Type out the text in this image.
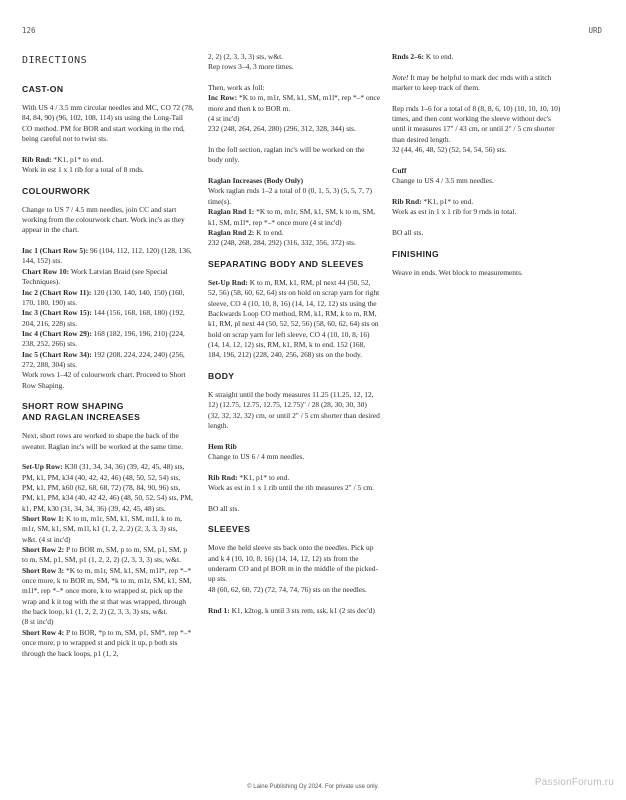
126	URD
DIRECTIONS
CAST-ON

With US 4 / 3.5 mm circular needles and MC, CO 72 (78, 84, 84, 90) (96, 102, 108, 114) sts using the Long-Tail CO method. PM for BOR and start working in the rnd, being careful not to twist sts.

Rib Rnd: *K1, p1* to end.

Work in est 1 x 1 rib for a total of 8 rnds.

COLOURWORK

Change to US 7 / 4.5 mm needles, join CC and start working from the colourwork chart. Work inc's as they appear in the chart.

Inc 1 (Chart Row 5): 96 (104, 112, 112, 120) (128, 136, 144, 152) sts.

Chart Row 10: Work Latvian Braid (see Special Techniques).

Inc 2 (Chart Row 11): 120 (130, 140, 140, 150) (160, 170, 180, 190) sts.

Inc 3 (Chart Row 15): 144 (156, 168, 168, 180) (192, 204, 216, 228) sts.

Inc 4 (Chart Row 29): 168 (182, 196, 196, 210) (224, 238, 252, 266) sts.

Inc 5 (Chart Row 34): 192 (208, 224, 224, 240) (256, 272, 288, 304) sts.

Work rows 1–42 of colourwork chart. Proceed to Short Row Shaping.

SHORT ROW SHAPING
AND RAGLAN INCREASES

Next, short rows are worked to shape the back of the sweater. Raglan inc's will be worked at the same time.

Set-Up Row: K30 (31, 34, 34, 36) (39, 42, 45, 48) sts, PM, k1, PM, k34 (40, 42, 42, 46) (48, 50, 52, 54) sts, PM, k1, PM, k60 (62, 68, 68, 72) (78, 84, 90, 96) sts, PM, k1, PM, k34 (40, 42 42, 46) (48, 50, 52, 54) sts, PM, k1, PM, k30 (31, 34, 34, 36) (39, 42, 45, 48) sts.

Short Row 1: K to m, m1r, SM, k1, SM, m1l, k to m, m1r, SM, k1, SM, m1l, k1 (1, 2, 2, 2) (2, 3, 3, 3) sts, w&t. (4 st inc'd)

Short Row 2: P to BOR m, SM, p to m, SM, p1, SM, p to m, SM, p1, SM, p1 (1, 2, 2, 2) (2, 3, 3, 3) sts, w&t.

Short Row 3: *K to m, m1r, SM, k1, SM, m1l*, rep *–* once more, k to BOR m, SM, *k to m, m1r, SM, k1, SM, m1l*, rep *–* once more, k to wrapped st, pick up the wrap and k it tog with the st that was wrapped, through the back loop, k1 (1, 2, 2, 2) (2, 3, 3, 3) sts, w&t.

(8 st inc'd)

Short Row 4: P to BOR, *p to m, SM, p1, SM*, rep *–* once more, p to wrapped st and pick it up, p both sts through the back loops, p1 (1, 2,

2, 2) (2, 3, 3, 3) sts, w&t.
Rep rows 3–4, 3 more times.

Then, work as foll:

Inc Row: *K to m, m1r, SM, k1, SM, m1l*, rep *–* once more and then k to BOR m.

(4 st inc'd)
232 (248, 264, 264, 280) (296, 312, 328, 344) sts.

In the foll section, raglan inc's will be worked on the body only.

Raglan Increases (Body Only)

Work raglan rnds 1–2 a total of 0 (0, 1, 5, 3) (5, 5, 7, 7) time(s).

Raglan Rnd 1: *K to m, m1r, SM, k1, SM, k to m, SM, k1, SM, m1l*, rep *–* once more (4 st inc'd)

Raglan Rnd 2: K to end.

232 (248, 268, 284, 292) (316, 332, 356, 372) sts.

SEPARATING BODY AND SLEEVES

Set-Up Rnd: K to m, RM, k1, RM, pl next 44 (50, 52, 52, 56) (58, 60, 62, 64) sts on hold on scrap yarn for right sleeve, CO 4 (10, 10, 8, 16) (14, 14, 12, 12) sts using the Backwards Loop CO method, RM, k1, RM, k to m, RM, k1, RM, pl next 44 (50, 52, 52, 56) (58, 60, 62, 64) sts on hold on scrap yarn for left sleeve, CO 4 (10, 10, 8, 16) (14, 14, 12, 12) sts, RM, k1, RM, k to end. 152 (168, 184, 196, 212) (228, 240, 256, 268) sts on the body.

BODY

K straight until the body measures 11.25 (11.25, 12, 12, 12) (12.75, 12.75, 12.75, 12.75)" / 28 (28, 30, 30, 30) (32, 32, 32, 32) cm, or until 2" / 5 cm shorter than desired length.

Hem Rib

Change to US 6 / 4 mm needles.

Rib Rnd: *K1, p1* to end.

Work as est in 1 x 1 rib until the rib measures 2" / 5 cm.

BO all sts.

SLEEVES

Move the held sleeve sts back onto the needles. Pick up and k 4 (10, 10, 8, 16) (14, 14, 12, 12) sts from the underarm CO and pl BOR m in the middle of the picked-up sts.
48 (60, 62, 60, 72) (72, 74, 74, 76) sts on the needles.

Rnd 1: K1, k2tog, k until 3 sts rem, ssk, k1 (2 sts dec'd)

Rnds 2–6: K to end.

Note! It may be helpful to mark dec rnds with a stitch marker to keep track of them.

Rep rnds 1–6 for a total of 8 (8, 8, 6, 10) (10, 10, 10, 10) times, and then cont working the sleeve without dec's until it measures 17" / 43 cm, or until 2" / 5 cm shorter than desired length.
32 (44, 46, 48, 52) (52, 54, 54, 56) sts.

Cuff

Change to US 4 / 3.5 mm needles.

Rib Rnd: *K1, p1* to end.

Work as est in 1 x 1 rib for 9 rnds in total.

BO all sts.

FINISHING

Weave in ends. Wet block to measurements.

© Laine Publishing Oy 2024. For private use only.	PassionForum.ru
